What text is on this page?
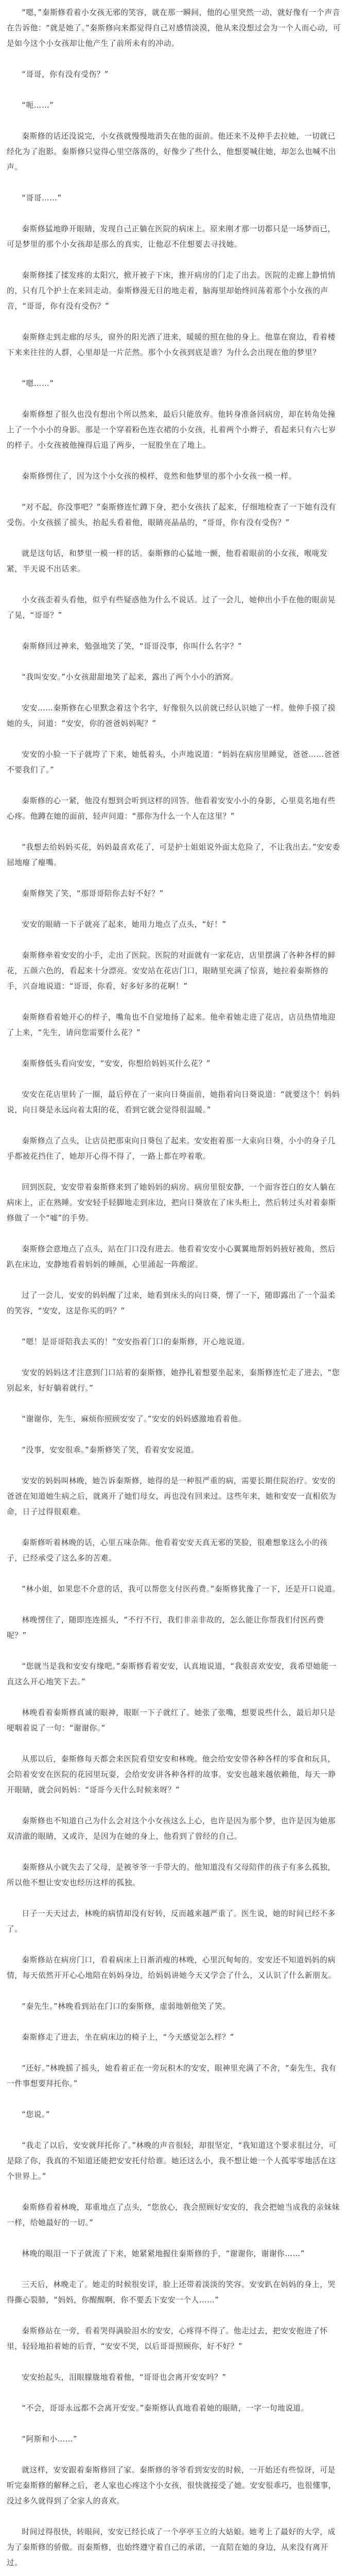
“嗯，”秦斯修看着小女孩无邪的笑容，就在那一瞬间，他的心里突然一动，就好像有一个声音在告诉他：“就是她了。”秦斯修向来都觉得自己对感情淡漠，他从来没想过会为一个人而心动，可是如今这个小女孩却让他产生了前所未有的冲动。

“哥哥，你有没有受伤？”

“呃……”

秦斯修的话还没说完，小女孩就慢慢地消失在他的面前。他还来不及伸手去拉她，一切就已经化为了泡影。秦斯修只觉得心里空落落的，好像少了些什么，他想要喊住她，却怎么也喊不出声。

“哥哥……”

秦斯修猛地睁开眼睛，发现自己正躺在医院的病床上。原来刚才那一切都只是一场梦而已，可是梦里的那个小女孩却是那么的真实，让他忍不住想要去寻找她。

秦斯修揉了揉发疼的太阳穴，掀开被子下床，推开病房的门走了出去。医院的走廊上静悄悄的，只有几个护士在来回走动。秦斯修漫无目的地走着，脑海里却始终回荡着那个小女孩的声音，“哥哥，你有没有受伤？”

秦斯修走到走廊的尽头，窗外的阳光洒了进来，暖暖的照在他的身上。他靠在窗边，看着楼下来来往往的人群，心里却是一片茫然。那个小女孩到底是谁？为什么会出现在他的梦里？

“嗯……”

秦斯修想了很久也没有想出个所以然来，最后只能放弃。他转身准备回病房，却在转角处撞上了一个小小的身影。那是一个穿着粉色连衣裙的小女孩，扎着两个小辫子，看起来只有六七岁的样子。小女孩被他撞得后退了两步，一屁股坐在了地上。

秦斯修愣住了，因为这个小女孩的模样，竟然和他梦里的那个小女孩一模一样。

“对不起，你没事吧？”秦斯修连忙蹲下身，把小女孩扶了起来，仔细地检查了一下她有没有受伤。小女孩摇了摇头，抬起头看着他，眼睛亮晶晶的，“哥哥，你有没有受伤？”

就是这句话，和梦里一模一样的话。秦斯修的心猛地一颤，他看着眼前的小女孩，喉咙发紧，半天说不出话来。

小女孩歪着头看他，似乎有些疑惑他为什么不说话。过了一会儿，她伸出小手在他的眼前晃了晃，“哥哥？”

秦斯修回过神来，勉强地笑了笑，“哥哥没事，你叫什么名字？”

“我叫安安。”小女孩甜甜地笑了起来，露出了两个小小的酒窝。

安安……秦斯修在心里默念着这个名字，好像很久以前就已经认识她了一样。他伸手摸了摸她的头，问道：“安安，你的爸爸妈妈呢？”

安安的小脸一下子就垮了下来，她低着头，小声地说道：“妈妈在病房里睡觉，爸爸……爸爸不要我们了。”

秦斯修的心一紧，他没有想到会听到这样的回答。他看着安安小小的身影，心里莫名地有些心疼。他蹲在她的面前，轻声问道：“那你为什么一个人在这里？”

“我想去给妈妈买花，妈妈最喜欢花了，可是护士姐姐说外面太危险了，不让我出去。”安安委屈地瘪了瘪嘴。

秦斯修笑了笑，“那哥哥陪你去好不好？”

安安的眼睛一下子就亮了起来，她用力地点了点头，“好！”

秦斯修牵着安安的小手，走出了医院。医院的对面就有一家花店，店里摆满了各种各样的鲜花，五颜六色的，看起来十分漂亮。安安站在花店门口，眼睛里充满了惊喜，她拉着秦斯修的手，兴奋地说道：“哥哥，你看，好多好多的花啊！”

秦斯修看着她开心的样子，嘴角也不自觉地扬了起来。他牵着她走进了花店，店员热情地迎了上来，“先生，请问您需要什么花？”

秦斯修低头看向安安，“安安，你想给妈妈买什么花？”

安安在花店里转了一圈，最后停在了一束向日葵面前，她指着向日葵说道：“就要这个！妈妈说，向日葵是永远向着太阳的花，看到它就会觉得很温暖。”

秦斯修点了点头，让店员把那束向日葵包了起来。安安抱着那一大束向日葵，小小的身子几乎都被花挡住了，她却开心得不得了，一路上都在哼着歌。

回到医院，安安带着秦斯修来到了她妈妈的病房。病房里很安静，一个面容苍白的女人躺在病床上，正在熟睡。安安轻手轻脚地走到床边，把向日葵放在了床头柜上，然后转过头对着秦斯修做了一个“嘘”的手势。

秦斯修会意地点了点头，站在门口没有进去。他看着安安小心翼翼地帮妈妈掖好被角，然后趴在床边，安静地看着妈妈的睡颜，心里涌起一阵酸涩。

过了一会儿，安安的妈妈醒了过来，她看到床头的向日葵，愣了一下，随即露出了一个温柔的笑容，“安安，这是你买的吗？”

“嗯！是哥哥陪我去买的！”安安指着门口的秦斯修，开心地说道。

安安的妈妈这才注意到门口站着的秦斯修，她挣扎着想要坐起来，秦斯修连忙走了进去，“您别起来，好好躺着就行。”

“谢谢你，先生，麻烦你照顾安安了。”安安的妈妈感激地看着他。

“没事，安安很乖。”秦斯修笑了笑，看着安安说道。

安安的妈妈叫林晚，她告诉秦斯修，她得的是一种很严重的病，需要长期住院治疗。安安的爸爸在知道她生病之后，就离开了她们母女，再也没有回来过。这些年来，她和安安一直相依为命，日子过得很艰难。

秦斯修听着林晚的话，心里五味杂陈。他看着安安天真无邪的笑脸，很难想象这么小的孩子，已经承受了这么多的苦难。

“林小姐，如果您不介意的话，我可以帮您支付医药费。”秦斯修犹豫了一下，还是开口说道。

林晚愣住了，随即连连摇头，“不行不行，我们非亲非故的，怎么能让你帮我们付医药费呢？”

“您就当是我和安安有缘吧。”秦斯修看着安安，认真地说道，“我很喜欢安安，我希望她能一直这么开心地笑下去。”

林晚看着秦斯修真诚的眼神，眼眶一下子就红了。她张了张嘴，想要说些什么，最后却只是哽咽着说了一句：“谢谢你。”

从那以后，秦斯修每天都会来医院看望安安和林晚。他会给安安带各种各样的零食和玩具，会陪着安安在医院的花园里玩耍，会给安安讲各种各样的故事。安安也越来越依赖他，每天一睁开眼睛，就会问妈妈：“哥哥今天什么时候来呀？”

秦斯修也不知道自己为什么会对这个小女孩这么上心，也许是因为那个梦，也许是因为她那双清澈的眼睛，又或许，是因为在她的身上，他看到了曾经的自己。

秦斯修从小就失去了父母，是被爷爷一手带大的。他知道没有父母陪伴的孩子有多么孤独，所以他不想让安安也经历这样的孤独。

日子一天天过去，林晚的病情却没有好转，反而越来越严重了。医生说，她的时间已经不多了。

秦斯修站在病房门口，看着病床上日渐消瘦的林晚，心里沉甸甸的。安安还不知道妈妈的病情，每天依然开开心心地陪在妈妈身边，给妈妈讲她今天又学会了什么，又认识了什么新朋友。

“秦先生。”林晚看到站在门口的秦斯修，虚弱地朝他笑了笑。

秦斯修走了进去，坐在病床边的椅子上，“今天感觉怎么样？”

“还好。”林晚摇了摇头，她看着正在一旁玩积木的安安，眼神里充满了不舍，“秦先生，我有一件事想要拜托你。”

“您说。”

“我走了以后，安安就拜托你了。”林晚的声音很轻，却很坚定，“我知道这个要求很过分，可是除了你，我真的不知道还能把安安托付给谁。她还这么小，我不想让她一个人孤零零地活在这个世界上。”

秦斯修看着林晚，郑重地点了点头，“您放心，我会照顾好安安的，我会把她当成我的亲妹妹一样，给她最好的一切。”

林晚的眼泪一下子就流了下来，她紧紧地握住秦斯修的手，“谢谢你，谢谢你……”

三天后，林晚走了。她走的时候很安详，脸上还带着淡淡的笑容。安安趴在妈妈的身上，哭得撕心裂肺，“妈妈，你醒醒啊，你不要丢下安安一个人……”

秦斯修站在一旁，看着哭得满脸泪水的安安，心疼得不得了。他走过去，把安安抱进了怀里，轻轻地拍着她的后背，“安安不哭，以后哥哥照顾你，好不好？”

安安抬起头，泪眼朦胧地看着他，“哥哥也会离开安安吗？”

“不会，哥哥永远都不会离开安安。”秦斯修认真地看着她的眼睛，一字一句地说道。

“阿斯和小……”

就这样，安安跟着秦斯修回了家。秦斯修的爷爷看到安安的时候，一开始还有些惊讶，可是听完秦斯修的解释之后，老人家也心疼这个小女孩，很快就接受了她。安安很乖巧，也很懂事，没过多久就得到了全家人的喜欢。

时间过得很快，转眼间，安安已经长成了一个亭亭玉立的大姑娘。她考上了最好的大学，成为了秦斯修的骄傲。而秦斯修，也始终遵守着自己的承诺，一直陪在她的身边，从来没有离开过。
